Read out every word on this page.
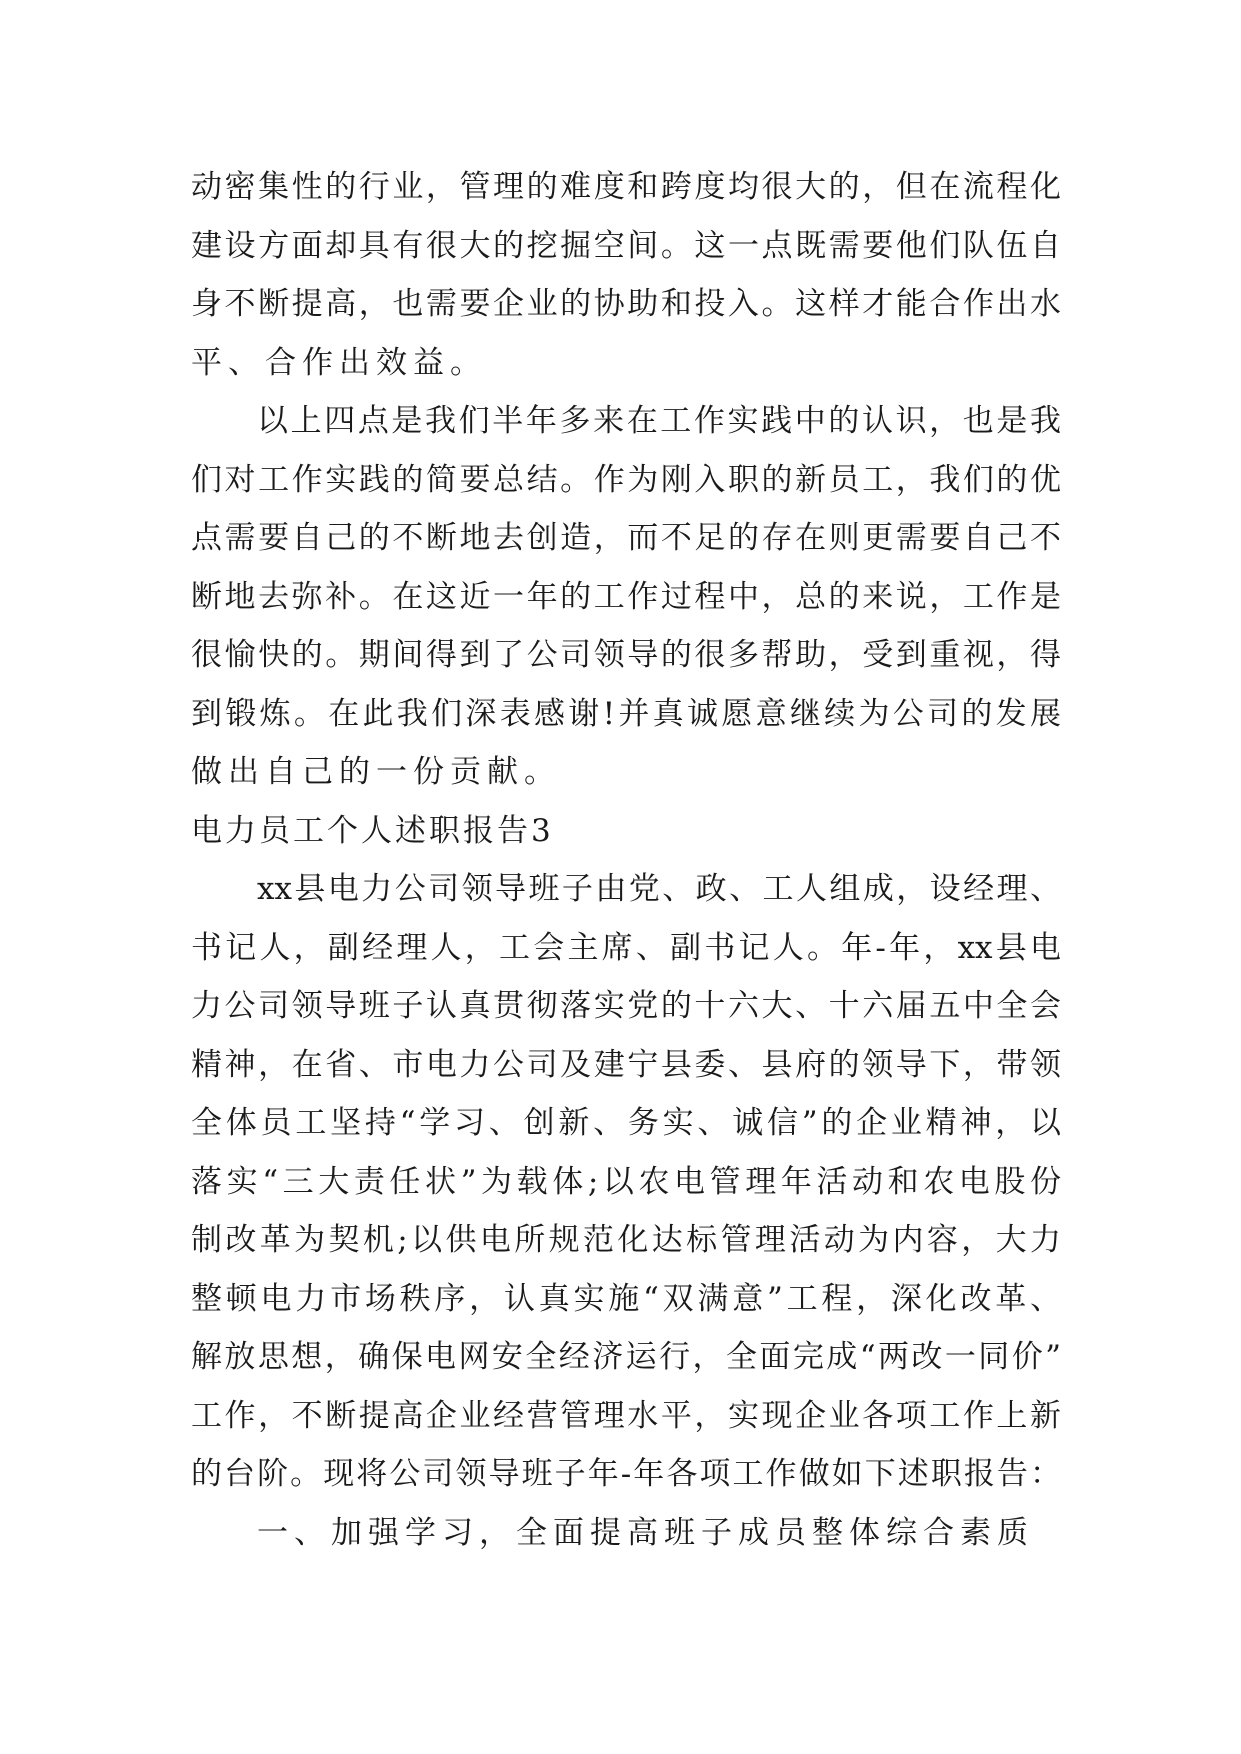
动密集性的行业，管理的难度和跨度均很大的，但在流程化
建设方面却具有很大的挖掘空间。这一点既需要他们队伍自
身不断提高，也需要企业的协助和投入。这样才能合作出水
平、合作出效益。
以上四点是我们半年多来在工作实践中的认识，也是我
们对工作实践的简要总结。作为刚入职的新员工，我们的优
点需要自己的不断地去创造，而不足的存在则更需要自己不
断地去弥补。在这近一年的工作过程中，总的来说，工作是
很愉快的。期间得到了公司领导的很多帮助，受到重视，得
到锻炼。在此我们深表感谢!并真诚愿意继续为公司的发展
做出自己的一份贡献。
电力员工个人述职报告3
xx县电力公司领导班子由党、政、工人组成，设经理、
书记人，副经理人，工会主席、副书记人。年-年，xx县电
力公司领导班子认真贯彻落实党的十六大、十六届五中全会
精神，在省、市电力公司及建宁县委、县府的领导下，带领
全体员工坚持“学习、创新、务实、诚信”的企业精神，以
落实“三大责任状”为载体;以农电管理年活动和农电股份
制改革为契机;以供电所规范化达标管理活动为内容，大力
整顿电力市场秩序，认真实施“双满意”工程，深化改革、
解放思想，确保电网安全经济运行，全面完成“两改一同价”
工作，不断提高企业经营管理水平，实现企业各项工作上新
的台阶。现将公司领导班子年-年各项工作做如下述职报告：
一、加强学习，全面提高班子成员整体综合素质
